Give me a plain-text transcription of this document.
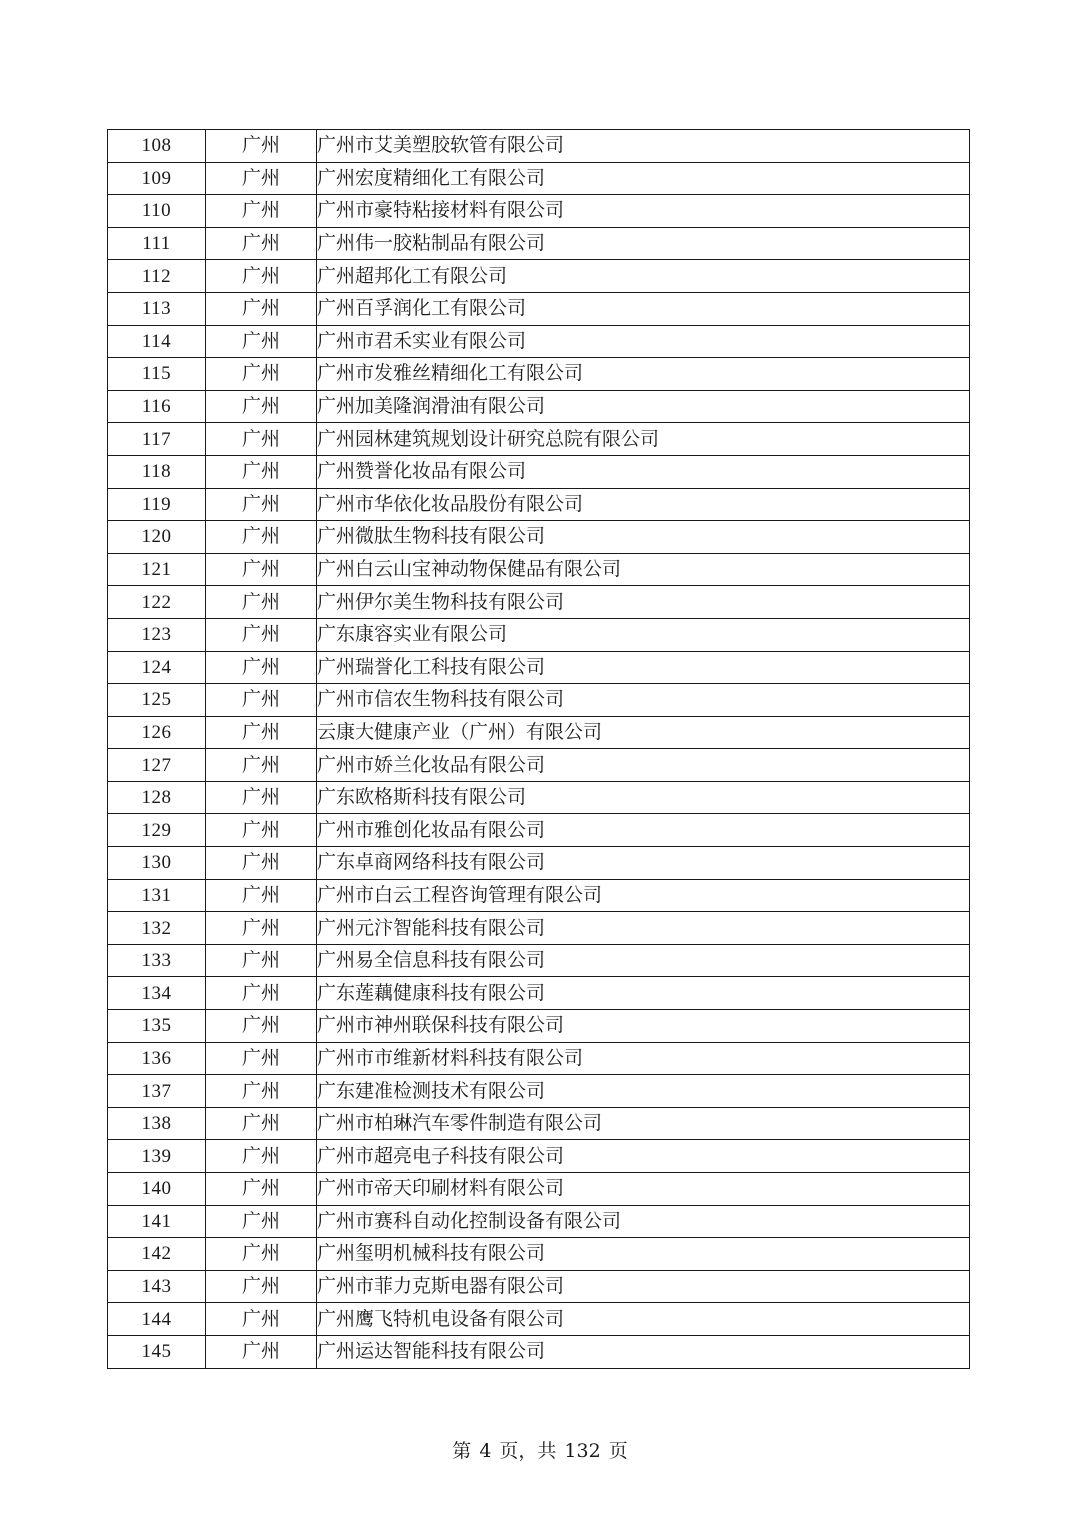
108	广州	广州市艾美塑胶软管有限公司
109	广州	广州宏度精细化工有限公司
110	广州	广州市豪特粘接材料有限公司
111	广州	广州伟一胶粘制品有限公司
112	广州	广州超邦化工有限公司
113	广州	广州百孚润化工有限公司
114	广州	广州市君禾实业有限公司
115	广州	广州市发雅丝精细化工有限公司
116	广州	广州加美隆润滑油有限公司
117	广州	广州园林建筑规划设计研究总院有限公司
118	广州	广州赞誉化妆品有限公司
119	广州	广州市华依化妆品股份有限公司
120	广州	广州微肽生物科技有限公司
121	广州	广州白云山宝神动物保健品有限公司
122	广州	广州伊尔美生物科技有限公司
123	广州	广东康容实业有限公司
124	广州	广州瑞誉化工科技有限公司
125	广州	广州市信农生物科技有限公司
126	广州	云康大健康产业（广州）有限公司
127	广州	广州市娇兰化妆品有限公司
128	广州	广东欧格斯科技有限公司
129	广州	广州市雅创化妆品有限公司
130	广州	广东卓商网络科技有限公司
131	广州	广州市白云工程咨询管理有限公司
132	广州	广州元汴智能科技有限公司
133	广州	广州易全信息科技有限公司
134	广州	广东莲藕健康科技有限公司
135	广州	广州市神州联保科技有限公司
136	广州	广州市市维新材料科技有限公司
137	广州	广东建准检测技术有限公司
138	广州	广州市柏琳汽车零件制造有限公司
139	广州	广州市超亮电子科技有限公司
140	广州	广州市帝天印刷材料有限公司
141	广州	广州市赛科自动化控制设备有限公司
142	广州	广州玺明机械科技有限公司
143	广州	广州市菲力克斯电器有限公司
144	广州	广州鹰飞特机电设备有限公司
145	广州	广州运达智能科技有限公司
第 4 页，共 132 页
